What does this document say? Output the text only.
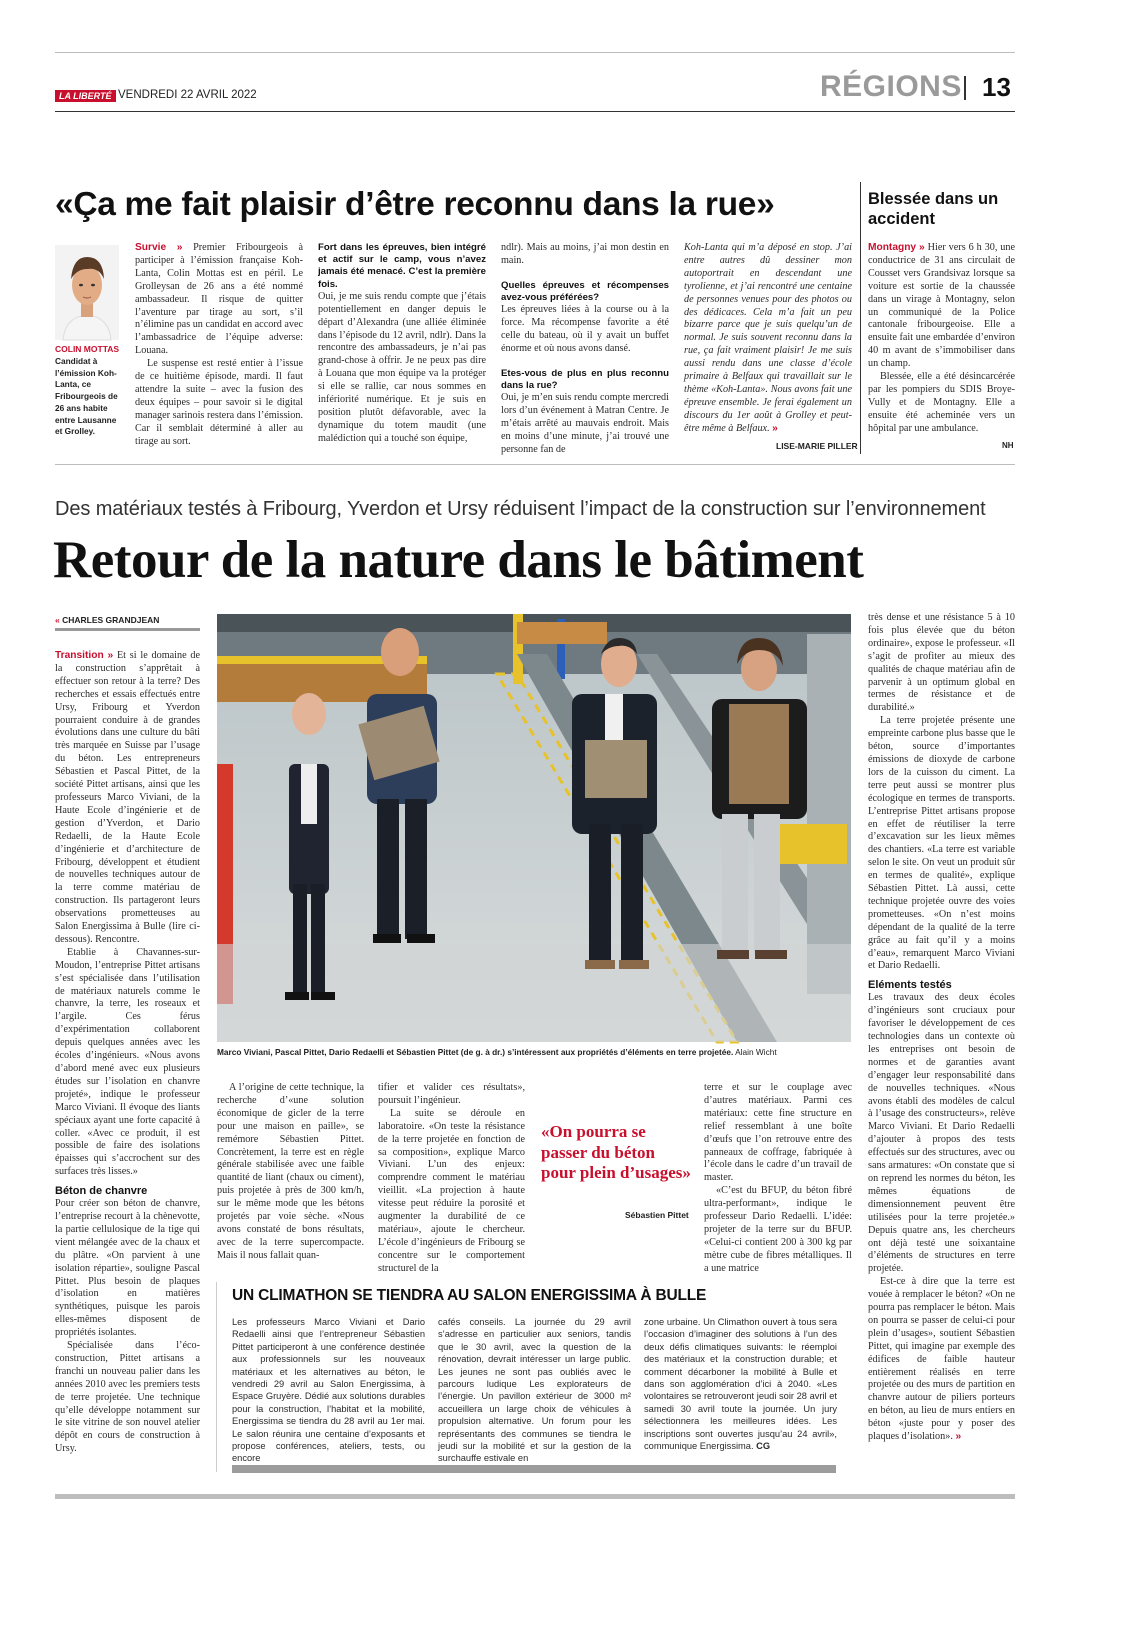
LA LIBERTÉ VENDREDI 22 AVRIL 2022	RÉGIONS 13
«Ça me fait plaisir d’être reconnu dans la rue»
COLIN MOTTAS
Candidat à l’émission Koh-Lanta, ce Fribourgeois de 26 ans habite entre Lausanne et Grolley.

Survie » Premier Fribourgeois à participer à l’émission française Koh-Lanta, Colin Mottas est en péril. Le Grolleysan de 26 ans a été nommé ambassadeur. Il risque de quitter l’aventure par tirage au sort, s’il n’élimine pas un candidat en accord avec l’ambassadrice de l’équipe adverse: Louana.

Le suspense est resté entier à l’issue de ce huitième épisode, mardi. Il faut attendre la suite – avec la fusion des deux équipes – pour savoir si le digital manager sarinois restera dans l’émission. Car il semblait déterminé à aller au tirage au sort.

Fort dans les épreuves, bien intégré et actif sur le camp, vous n’avez jamais été menacé. C’est la première fois.

Oui, je me suis rendu compte que j’étais potentiellement en danger depuis le départ d’Alexandra (une alliée éliminée dans l’épisode du 12 avril, ndlr). Dans la rencontre des ambassadeurs, je n’ai pas grand-chose à offrir. Je ne peux pas dire à Louana que mon équipe va la protéger si elle se rallie, car nous sommes en infériorité numérique. Et je suis en position plutôt défavorable, avec la dynamique du totem maudit (une malédiction qui a touché son équipe,

ndlr). Mais au moins, j’ai mon destin en main.

Quelles épreuves et récompenses avez-vous préférées?

Les épreuves liées à la course ou à la force. Ma récompense favorite a été celle du bateau, où il y avait un buffet énorme et où nous avons dansé.

Etes-vous de plus en plus reconnu dans la rue?

Oui, je m’en suis rendu compte mercredi lors d’un événement à Matran Centre. Je m’étais arrêté au mauvais endroit. Mais en moins d’une minute, j’ai trouvé une personne fan de

Koh-Lanta qui m’a déposé en stop. J’ai entre autres dû dessiner mon autoportrait en descendant une tyrolienne, et j’ai rencontré une centaine de personnes venues pour des photos ou des dédicaces. Cela m’a fait un peu bizarre parce que je suis quelqu’un de normal. Je suis souvent reconnu dans la rue, ça fait vraiment plaisir! Je me suis aussi rendu dans une classe d’école primaire à Belfaux qui travaillait sur le thème «Koh-Lanta». Nous avons fait une épreuve ensemble. Je ferai également un discours du 1er août à Grolley et peut-être même à Belfaux. »

LISE-MARIE PILLER
Blessée dans un accident

Montagny » Hier vers 6 h 30, une conductrice de 31 ans circulait de Cousset vers Grandsivaz lorsque sa voiture est sortie de la chaussée dans un virage à Montagny, selon un communiqué de la Police cantonale fribourgeoise. Elle a ensuite fait une embardée d’environ 40 m avant de s’immobiliser dans un champ.

Blessée, elle a été désincarcérée par les pompiers du SDIS Broye-Vully et de Montagny. Elle a ensuite été acheminée vers un hôpital par une ambulance.

NH
Des matériaux testés à Fribourg, Yverdon et Ursy réduisent l’impact de la construction sur l’environnement
Retour de la nature dans le bâtiment
« CHARLES GRANDJEAN

Transition » Et si le domaine de la construction s’apprêtait à effectuer son retour à la terre? Des recherches et essais effectués entre Ursy, Fribourg et Yverdon pourraient conduire à de grandes évolutions dans une culture du bâti très marquée en Suisse par l’usage du béton. Les entrepreneurs Sébastien et Pascal Pittet, de la société Pittet artisans, ainsi que les professeurs Marco Viviani, de la Haute Ecole d’ingénierie et de gestion d’Yverdon, et Dario Redaelli, de la Haute Ecole d’ingénierie et d’architecture de Fribourg, développent et étudient de nouvelles techniques autour de la terre comme matériau de construction. Ils partageront leurs observations prometteuses au Salon Energissima à Bulle (lire ci-dessous). Rencontre.

Etablie à Chavannes-sur-Moudon, l’entreprise Pittet artisans s’est spécialisée dans l’utilisation de matériaux naturels comme le chanvre, la terre, les roseaux et l’argile. Ces férus d’expérimentation collaborent depuis quelques années avec les écoles d’ingénieurs. «Nous avons d’abord mené avec eux plusieurs études sur l’isolation en chanvre projeté», indique le professeur Marco Viviani. Il évoque des liants spéciaux ayant une forte capacité à coller. «Avec ce produit, il est possible de faire des isolations épaisses qui s’accrochent sur des surfaces très lisses.»

Béton de chanvre

Pour créer son béton de chanvre, l’entreprise recourt à la chènevotte, la partie cellulosique de la tige qui vient mélangée avec de la chaux et du plâtre. «On parvient à une isolation répartie», souligne Pascal Pittet. Plus besoin de plaques d’isolation en matières synthétiques, puisque les parois elles-mêmes disposent de propriétés isolantes.

Spécialisée dans l’éco-construction, Pittet artisans a franchi un nouveau palier dans les années 2010 avec les premiers tests de terre projetée. Une technique qu’elle développe notamment sur le site vitrine de son nouvel atelier dépôt en cours de construction à Ursy.

Marco Viviani, Pascal Pittet, Dario Redaelli et Sébastien Pittet (de g. à dr.) s’intéressent aux propriétés d’éléments en terre projetée. Alain Wicht

A l’origine de cette technique, la recherche d’«une solution économique de gicler de la terre pour une maison en paille», se remémore Sébastien Pittet. Concrètement, la terre est en règle générale stabilisée avec une faible quantité de liant (chaux ou ciment), puis projetée à près de 300 km/h, sur le même mode que les bétons projetés par voie sèche. «Nous avons constaté de bons résultats, avec de la terre supercompacte. Mais il nous fallait quan-

tifier et valider ces résultats», poursuit l’ingénieur.

La suite se déroule en laboratoire. «On teste la résistance de la terre projetée en fonction de sa composition», explique Marco Viviani. L’un des enjeux: comprendre comment le matériau vieillit. «La projection à haute vitesse peut réduire la porosité et augmenter la durabilité de ce matériau», ajoute le chercheur. L’école d’ingénieurs de Fribourg se concentre sur le comportement structurel de la

«On pourra se passer du béton pour plein d’usages»
Sébastien Pittet

terre et sur le couplage avec d’autres matériaux. Parmi ces matériaux: cette fine structure en relief ressemblant à une boîte d’œufs que l’on retrouve entre des panneaux de coffrage, fabriquée à l’école dans le cadre d’un travail de master.

«C’est du BFUP, du béton fibré ultra-performant», indique le professeur Dario Redaelli. L’idée: projeter de la terre sur du BFUP. «Celui-ci contient 200 à 300 kg par mètre cube de fibres métalliques. Il a une matrice

très dense et une résistance 5 à 10 fois plus élevée que du béton ordinaire», expose le professeur. «Il s’agit de profiter au mieux des qualités de chaque matériau afin de parvenir à un optimum global en termes de résistance et de durabilité.»

La terre projetée présente une empreinte carbone plus basse que le béton, source d’importantes émissions de dioxyde de carbone lors de la cuisson du ciment. La terre peut aussi se montrer plus écologique en termes de transports. L’entreprise Pittet artisans propose en effet de réutiliser la terre d’excavation sur les lieux mêmes des chantiers. «La terre est variable selon le site. On veut un produit sûr en termes de qualité», explique Sébastien Pittet. Là aussi, cette technique projetée ouvre des voies prometteuses. «On n’est moins dépendant de la qualité de la terre grâce au fait qu’il y a moins d’eau», remarquent Marco Viviani et Dario Redaelli.

Eléments testés

Les travaux des deux écoles d’ingénieurs sont cruciaux pour favoriser le développement de ces technologies dans un contexte où les entreprises ont besoin de normes et de garanties avant d’engager leur responsabilité dans de nouvelles techniques. «Nous avons établi des modèles de calcul à l’usage des constructeurs», relève Marco Viviani. Et Dario Redaelli d’ajouter à propos des tests effectués sur des structures, avec ou sans armatures: «On constate que si on reprend les normes du béton, les mêmes équations de dimensionnement peuvent être utilisées pour la terre projetée.» Depuis quatre ans, les chercheurs ont déjà testé une soixantaine d’éléments de structures en terre projetée.

Est-ce à dire que la terre est vouée à remplacer le béton? «On ne pourra pas remplacer le béton. Mais on pourra se passer de celui-ci pour plein d’usages», soutient Sébastien Pittet, qui imagine par exemple des édifices de faible hauteur entièrement réalisés en terre projetée ou des murs de partition en chanvre autour de piliers porteurs en béton, au lieu de murs entiers en béton «juste pour y poser des plaques d’isolation». »

UN CLIMATHON SE TIENDRA AU SALON ENERGISSIMA À BULLE

Les professeurs Marco Viviani et Dario Redaelli ainsi que l’entrepreneur Sébastien Pittet participeront à une conférence destinée aux professionnels sur les nouveaux matériaux et les alternatives au béton, le vendredi 29 avril au Salon Energissima, à Espace Gruyère. Dédié aux solutions durables pour la construction, l’habitat et la mobilité, Energissima se tiendra du 28 avril au 1er mai. Le salon réunira une centaine d’exposants et propose conférences, ateliers, tests, ou encore

cafés conseils. La journée du 29 avril s’adresse en particulier aux seniors, tandis que le 30 avril, avec la question de la rénovation, devrait intéresser un large public. Les jeunes ne sont pas oubliés avec le parcours ludique Les explorateurs de l’énergie. Un pavillon extérieur de 3000 m² accueillera un large choix de véhicules à propulsion alternative. Un forum pour les représentants des communes se tiendra le jeudi sur la mobilité et sur la gestion de la surchauffe estivale en

zone urbaine. Un Climathon ouvert à tous sera l’occasion d’imaginer des solutions à l’un des deux défis climatiques suivants: le réemploi des matériaux et la construction durable; et comment décarboner la mobilité à Bulle et dans son agglomération d’ici à 2040. «Les volontaires se retrouveront jeudi soir 28 avril et samedi 30 avril toute la journée. Un jury sélectionnera les meilleures idées. Les inscriptions sont ouvertes jusqu’au 24 avril», communique Energissima. CG
